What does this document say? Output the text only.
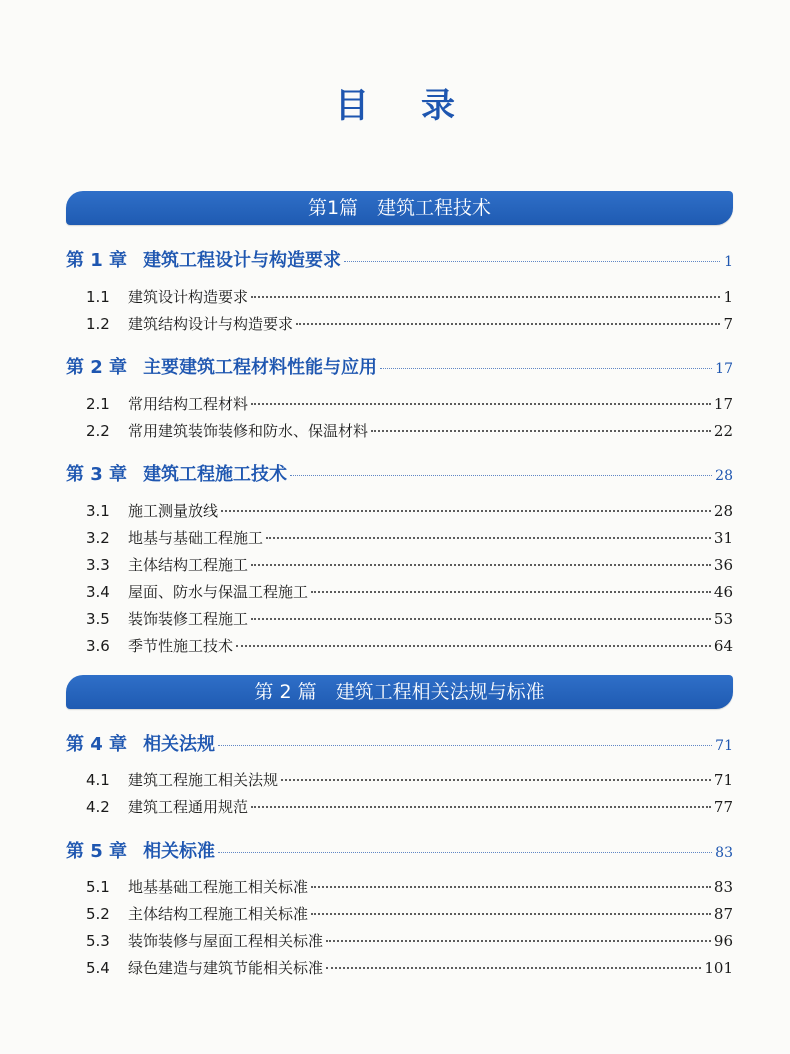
目录
第1篇　建筑工程技术
第 1 章 建筑工程设计与构造要求	1
1.1	建筑设计构造要求	1
1.2	建筑结构设计与构造要求	7
第 2 章 主要建筑工程材料性能与应用	17
2.1	常用结构工程材料	17
2.2	常用建筑装饰装修和防水、保温材料	22
第 3 章 建筑工程施工技术	28
3.1	施工测量放线	28
3.2	地基与基础工程施工	31
3.3	主体结构工程施工	36
3.4	屋面、防水与保温工程施工	46
3.5	装饰装修工程施工	53
3.6	季节性施工技术	64
第 2 篇　建筑工程相关法规与标准
第 4 章 相关法规	71
4.1	建筑工程施工相关法规	71
4.2	建筑工程通用规范	77
第 5 章 相关标准	83
5.1	地基基础工程施工相关标准	83
5.2	主体结构工程施工相关标准	87
5.3	装饰装修与屋面工程相关标准	96
5.4	绿色建造与建筑节能相关标准	101
